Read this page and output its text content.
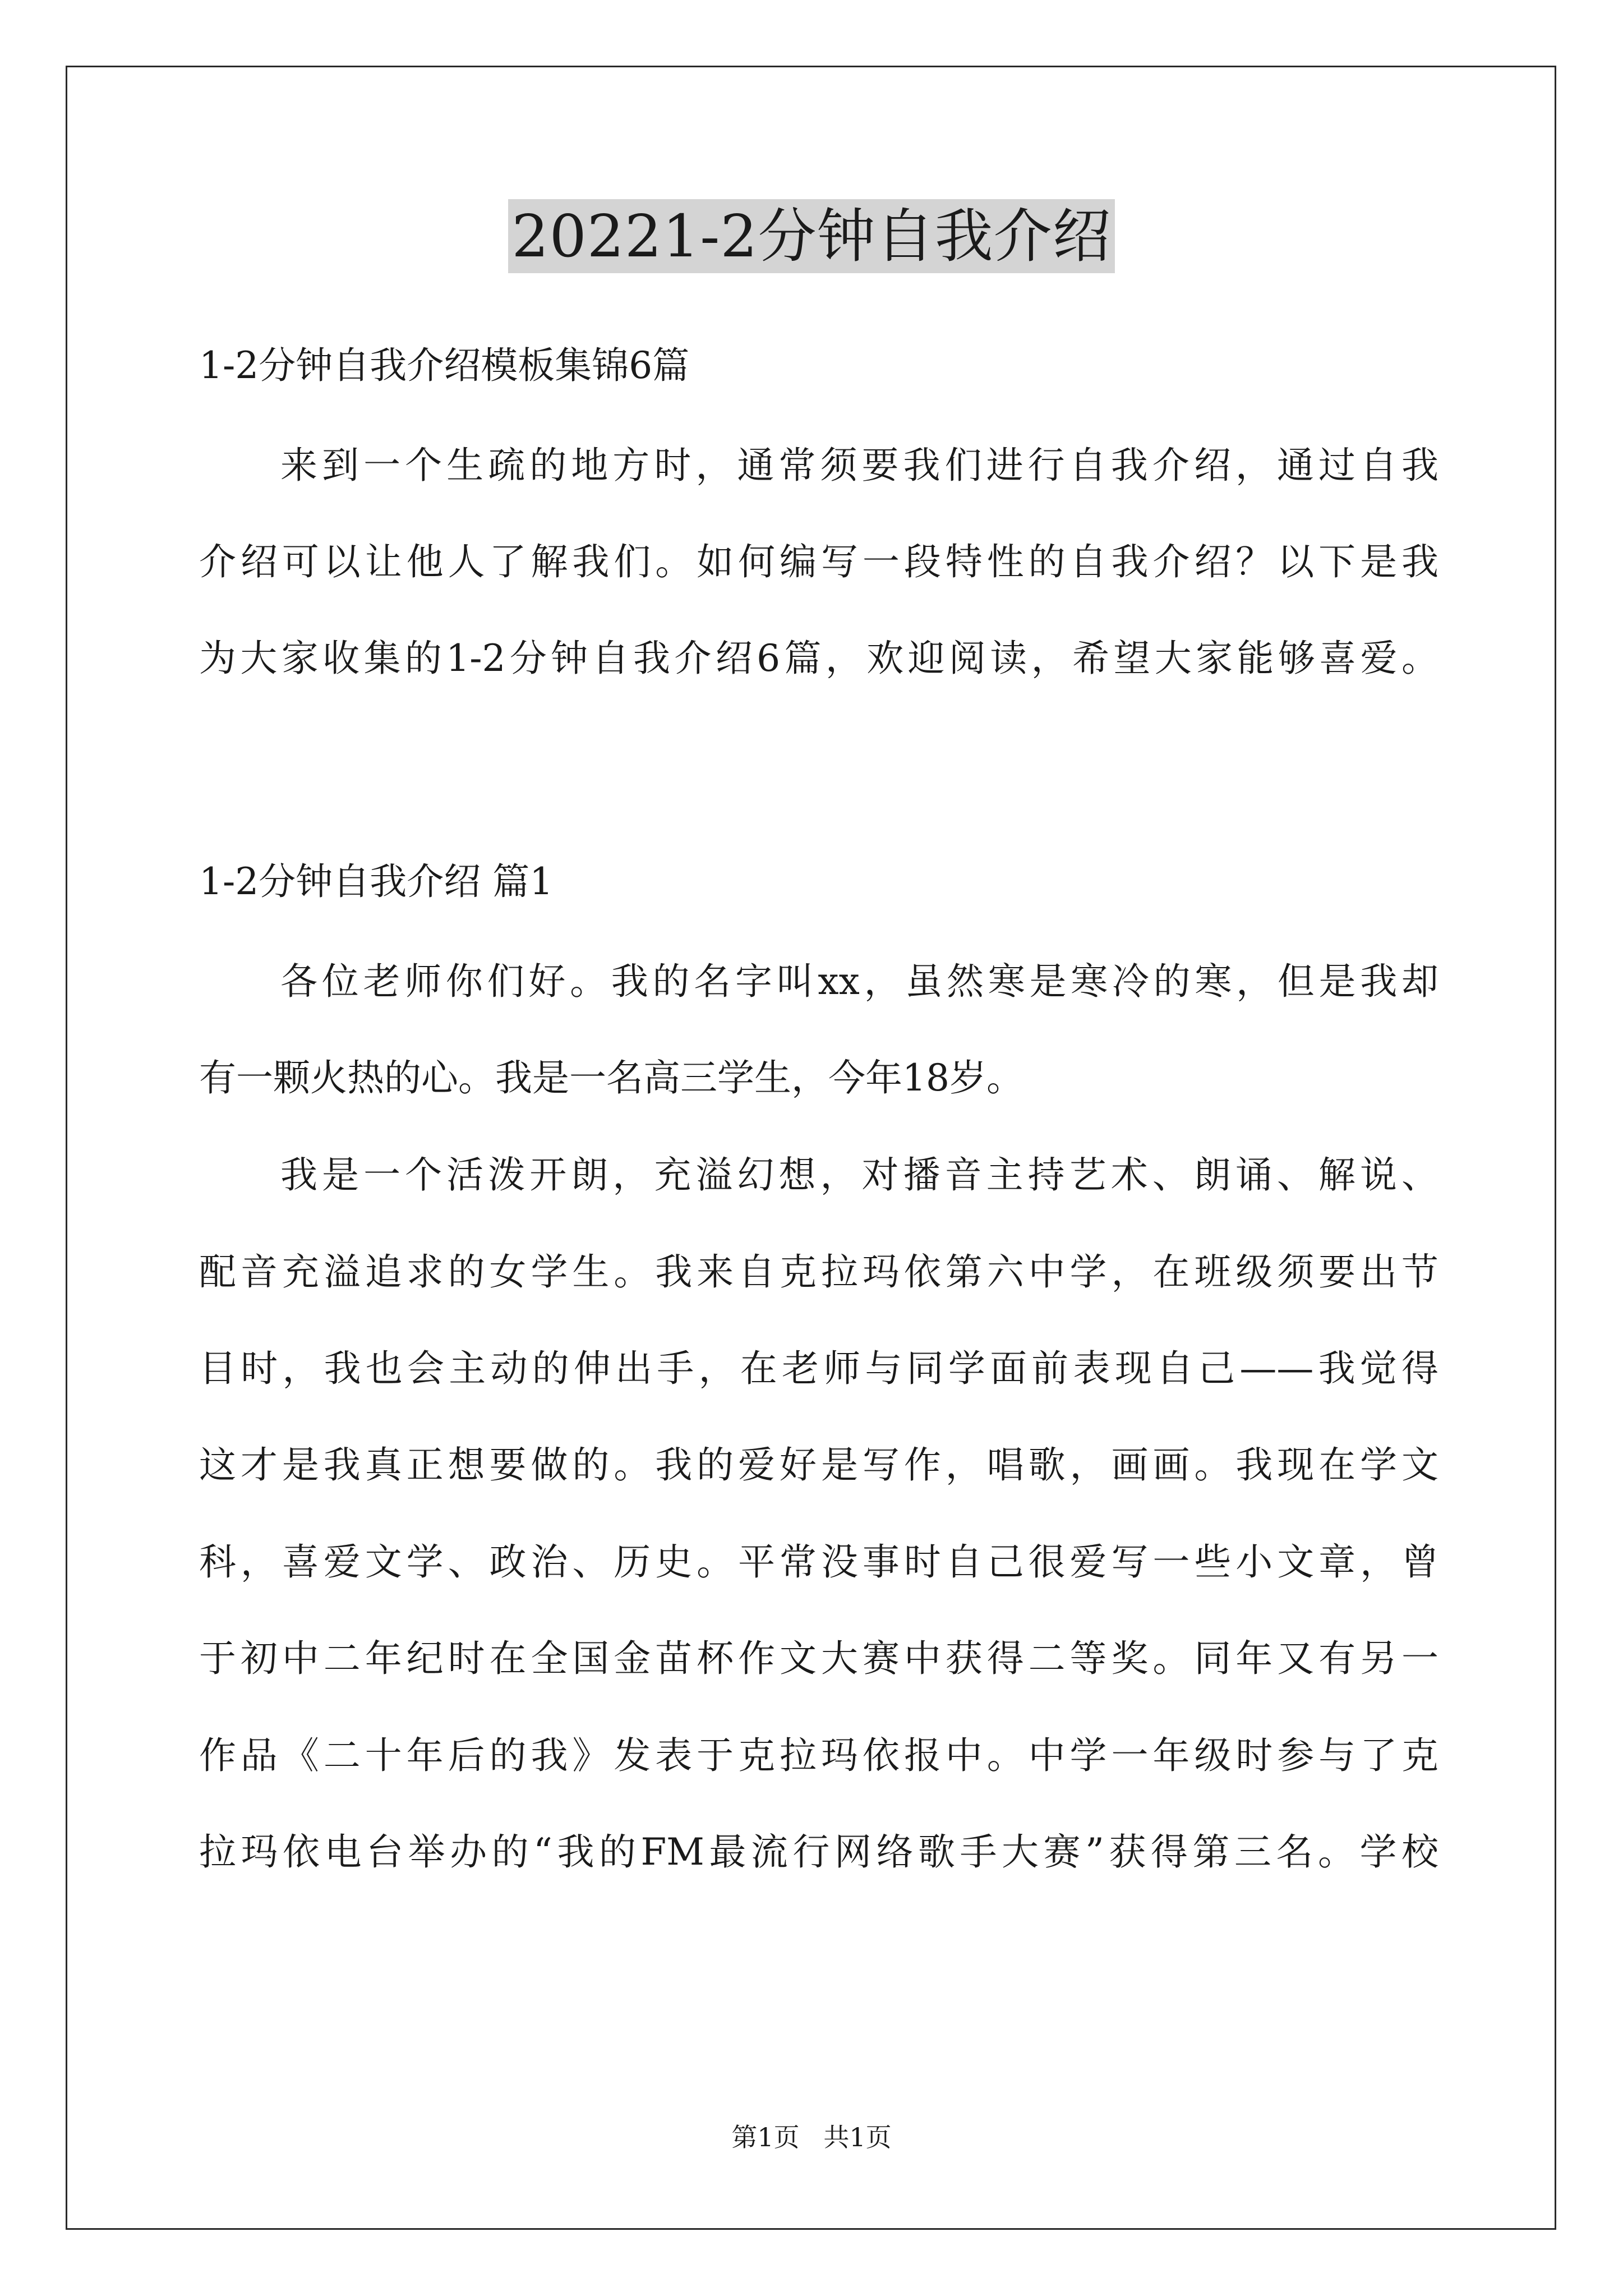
20221-2分钟自我介绍
1-2分钟自我介绍模板集锦6篇
来到一个生疏的地方时，通常须要我们进行自我介绍，通过自我
介绍可以让他人了解我们。如何编写一段特性的自我介绍？以下是我
为大家收集的1-2分钟自我介绍6篇，欢迎阅读，希望大家能够喜爱。
1-2分钟自我介绍 篇1
各位老师你们好。我的名字叫xx，虽然寒是寒冷的寒，但是我却
有一颗火热的心。我是一名高三学生，今年18岁。
我是一个活泼开朗，充溢幻想，对播音主持艺术、朗诵、解说、
配音充溢追求的女学生。我来自克拉玛依第六中学，在班级须要出节
目时，我也会主动的伸出手，在老师与同学面前表现自己——我觉得
这才是我真正想要做的。我的爱好是写作，唱歌，画画。我现在学文
科，喜爱文学、政治、历史。平常没事时自己很爱写一些小文章，曾
于初中二年纪时在全国金苗杯作文大赛中获得二等奖。同年又有另一
作品《二十年后的我》发表于克拉玛依报中。中学一年级时参与了克
拉玛依电台举办的“我的FM最流行网络歌手大赛”获得第三名。学校
第1页 共1页
